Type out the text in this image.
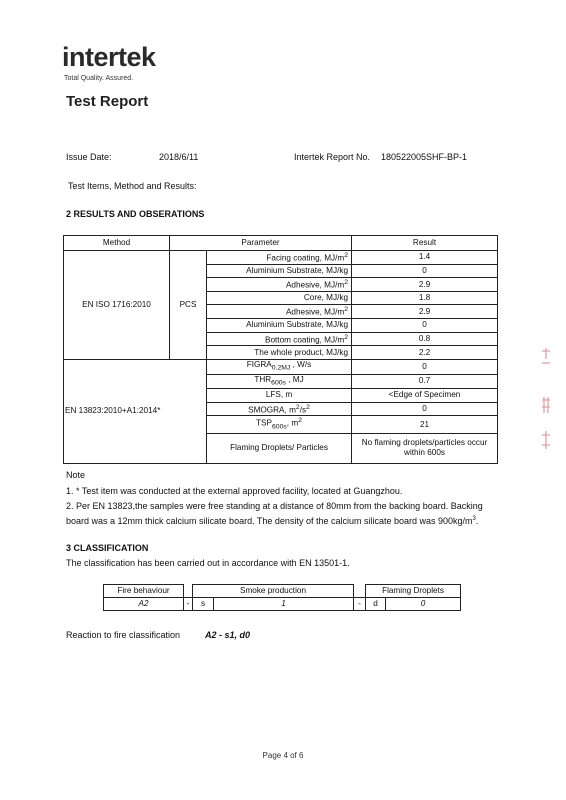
intertek
Total Quality. Assured.
Test Report
Issue Date:	2018/6/11	Intertek Report No. 180522005SHF-BP-1
Test Items, Method and Results:
2 RESULTS AND OBSERATIONS
Method	Parameter		Result
EN ISO 1716:2010	PCS	Facing coating, $MJ/m^2$	1.4
		Aluminium Substrate, MJ/kg	0
		Adhesive, $MJ/m^2$	2.9
		Core, MJ/kg	1.8
		Adhesive, $MJ/m^2$	2.9
		Aluminium Substrate, MJ/kg	0
		Bottom coating, $MJ/m^2$	0.8
		The whole product, MJ/kg	2.2
EN 13823:2010+A1:2014*		$FIGRA_{0.2MJ}$ , W/s	0
		$THR_{600s}$ , MJ	0.7
		LFS, m	<Edge of Specimen
		SMOGRA, $m^2/s^2$	0
		$TSP_{600s}$, $m^2$	21
		Flaming Droplets/ Particles	No flaming droplets/particles occur
within 600s
Note
1. * Test item was conducted at the external approved facility, located at Guangzhou.
2. Per EN 13823,the samples were free standing at a distance of 80mm from the backing board. Backing
board was a 12mm thick calcium silicate board. The density of the calcium silicate board was $900kg/m^3$.
3 CLASSIFICATION
The classification has been carried out in accordance with EN 13501-1.
Fire behaviour		Smoke production			Flaming Droplets	
A2	-	s	1	-	d	0
Reaction to fire classification	A2 - s1, d0
Page 4 of 6
